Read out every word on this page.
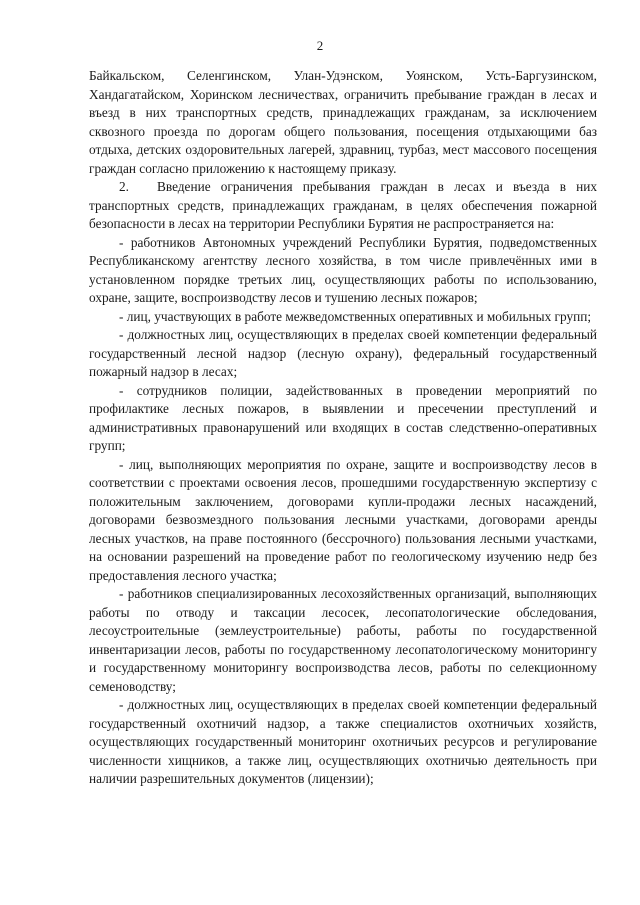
2

Байкальском, Селенгинском, Улан-Удэнском, Уоянском, Усть-Баргузинском, Хандагатайском, Хоринском лесничествах, ограничить пребывание граждан в лесах и въезд в них транспортных средств, принадлежащих гражданам, за исключением сквозного проезда по дорогам общего пользования, посещения отдыхающими баз отдыха, детских оздоровительных лагерей, здравниц, турбаз, мест массового посещения граждан согласно приложению к настоящему приказу.

2. Введение ограничения пребывания граждан в лесах и въезда в них транспортных средств, принадлежащих гражданам, в целях обеспечения пожарной безопасности в лесах на территории Республики Бурятия не распространяется на:

- работников Автономных учреждений Республики Бурятия, подведомственных Республиканскому агентству лесного хозяйства, в том числе привлечённых ими в установленном порядке третьих лиц, осуществляющих работы по использованию, охране, защите, воспроизводству лесов и тушению лесных пожаров;

- лиц, участвующих в работе межведомственных оперативных и мобильных групп;

- должностных лиц, осуществляющих в пределах своей компетенции федеральный государственный лесной надзор (лесную охрану), федеральный государственный пожарный надзор в лесах;

- сотрудников полиции, задействованных в проведении мероприятий по профилактике лесных пожаров, в выявлении и пресечении преступлений и административных правонарушений или входящих в состав следственно-оперативных групп;

- лиц, выполняющих мероприятия по охране, защите и воспроизводству лесов в соответствии с проектами освоения лесов, прошедшими государственную экспертизу с положительным заключением, договорами купли-продажи лесных насаждений, договорами безвозмездного пользования лесными участками, договорами аренды лесных участков, на праве постоянного (бессрочного) пользования лесными участками, на основании разрешений на проведение работ по геологическому изучению недр без предоставления лесного участка;

- работников специализированных лесохозяйственных организаций, выполняющих работы по отводу и таксации лесосек, лесопатологические обследования, лесоустроительные (землеустроительные) работы, работы по государственной инвентаризации лесов, работы по государственному лесопатологическому мониторингу и государственному мониторингу воспроизводства лесов, работы по селекционному семеноводству;

- должностных лиц, осуществляющих в пределах своей компетенции федеральный государственный охотничий надзор, а также специалистов охотничьих хозяйств, осуществляющих государственный мониторинг охотничьих ресурсов и регулирование численности хищников, а также лиц, осуществляющих охотничью деятельность при наличии разрешительных документов (лицензии);
